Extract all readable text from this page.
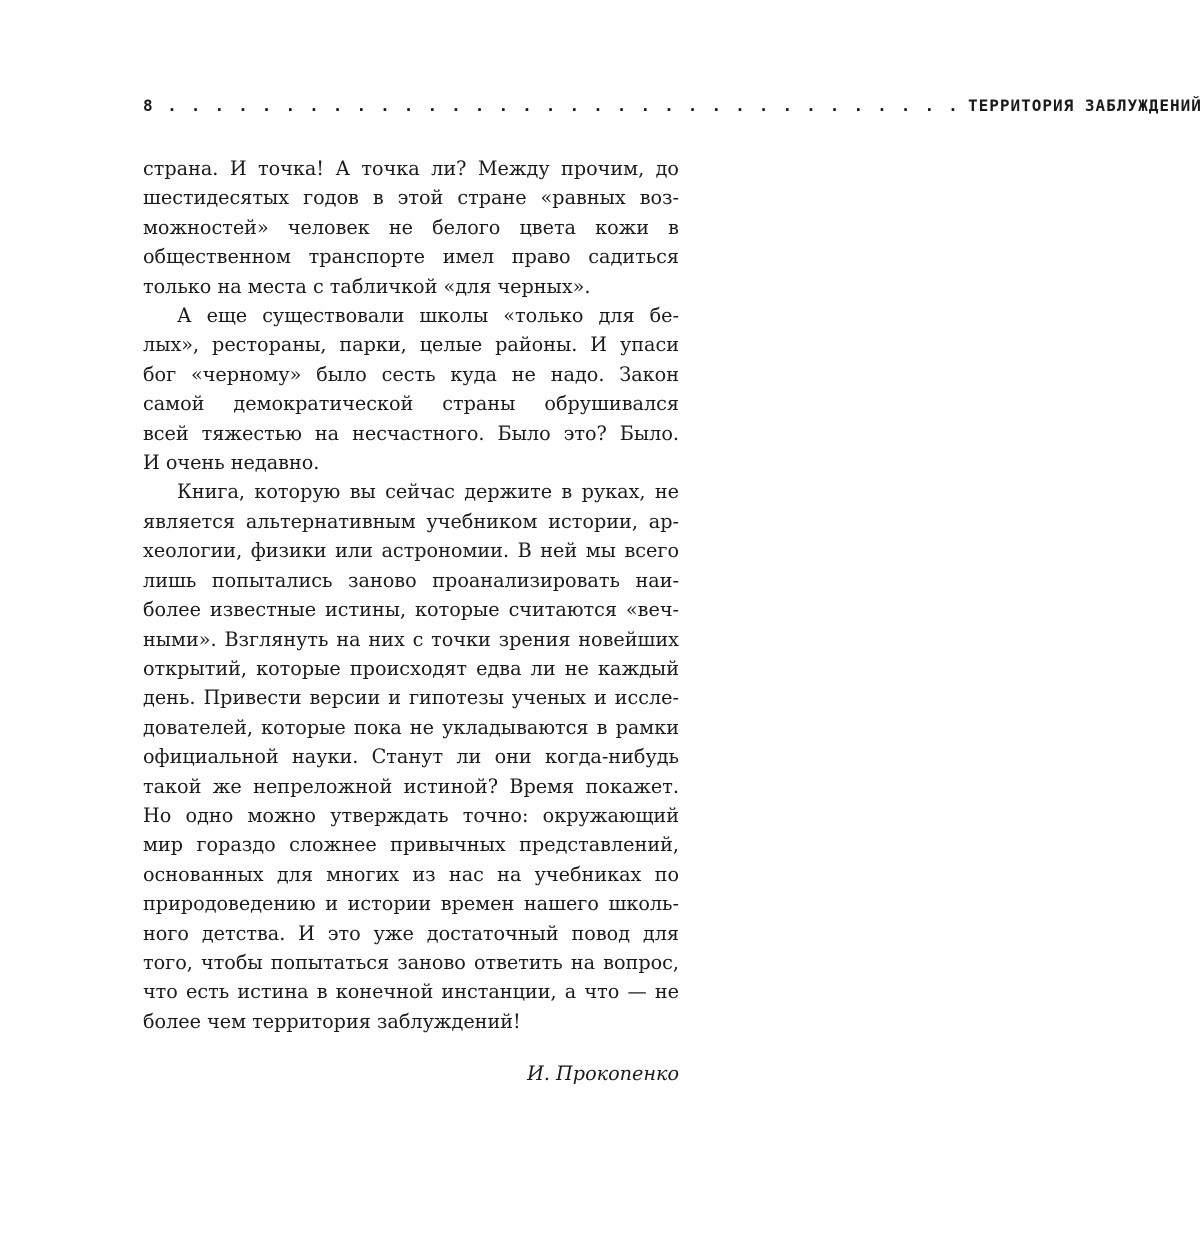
8 . . . . . . . . . . . . . . . . . . . . . . . . . . . . . . . . . . ТЕРРИТОРИЯ ЗАБЛУЖДЕНИЙ
страна. И точка! А точка ли? Между прочим, до
шестидесятых годов в этой стране «равных воз-
можностей» человек не белого цвета кожи в
общественном транспорте имел право садиться
только на места с табличкой «для черных».
А еще существовали школы «только для бе-
лых», рестораны, парки, целые районы. И упаси
бог «черному» было сесть куда не надо. Закон
самой демократической страны обрушивался
всей тяжестью на несчастного. Было это? Было.
И очень недавно.
Книга, которую вы сейчас держите в руках, не
является альтернативным учебником истории, ар-
хеологии, физики или астрономии. В ней мы всего
лишь попытались заново проанализировать наи-
более известные истины, которые считаются «веч-
ными». Взглянуть на них с точки зрения новейших
открытий, которые происходят едва ли не каждый
день. Привести версии и гипотезы ученых и иссле-
дователей, которые пока не укладываются в рамки
официальной науки. Станут ли они когда-нибудь
такой же непреложной истиной? Время покажет.
Но одно можно утверждать точно: окружающий
мир гораздо сложнее привычных представлений,
основанных для многих из нас на учебниках по
природоведению и истории времен нашего школь-
ного детства. И это уже достаточный повод для
того, чтобы попытаться заново ответить на вопрос,
что есть истина в конечной инстанции, а что — не
более чем территория заблуждений!
И. Прокопенко
